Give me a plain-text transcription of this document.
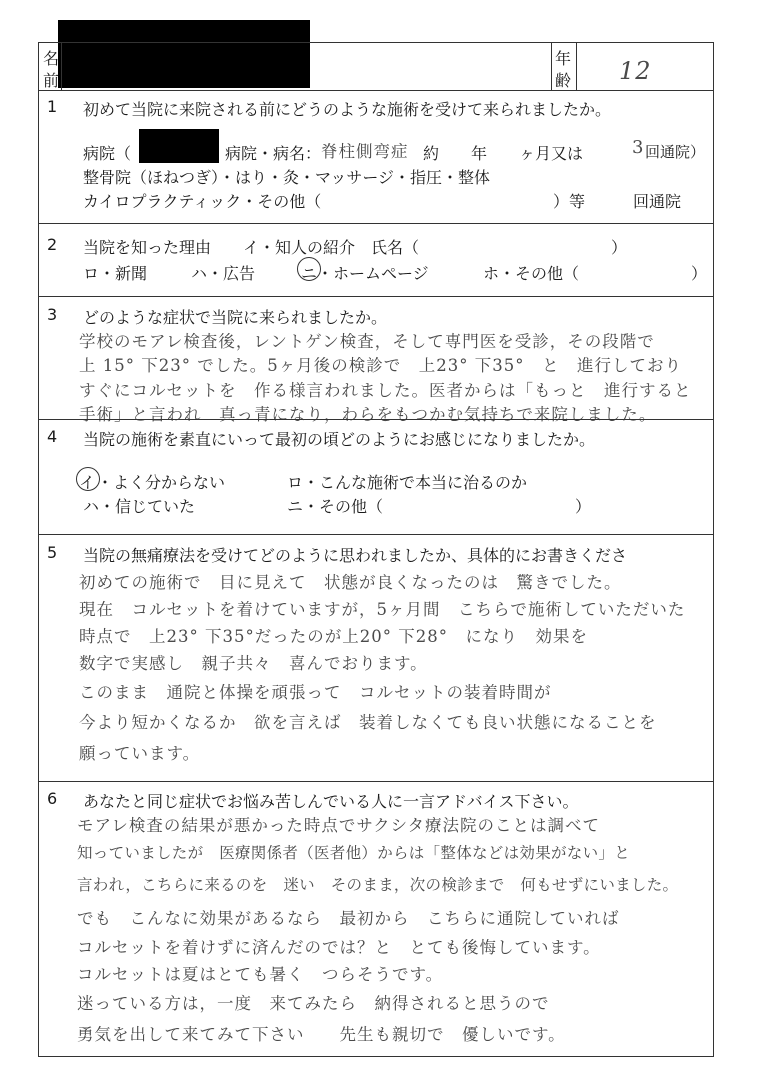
名
前
年
齢 12
1 初めて当院に来院される前にどうのような施術を受けて来られましたか。
病院（	病院・病名： 脊柱側弯症 約　　年　　ヶ月又は	3 回通院）
整骨院（ほねつぎ）・はり・灸・マッサージ・指圧・整体
カイロプラクティック・その他（	）等　　　回通院
2 当院を知った理由　　イ・知人の紹介　氏名（　　　　　　　　　　　　）
ロ・新聞	ハ・広告	ニ ・ホームページ	ホ・その他（　　　　　　　）
3 どのような症状で当院に来られましたか。
学校のモアレ検査後，レントゲン検査，そして専門医を受診，その段階で
上 15° 下23° でした。5ヶ月後の検診で　上23° 下35°　と　進行しており
すぐにコルセットを　作る様言われました。医者からは「もっと　進行すると
手術」と言われ　真っ青になり，わらをもつかむ気持ちで来院しました。
4 当院の施術を素直にいって最初の頃どのようにお感じになりましたか。
イ ・よく分からない	ロ・こんな施術で本当に治るのか
ハ・信じていた	ニ・その他（　　　　　　　　　　　　）
5 当院の無痛療法を受けてどのように思われましたか、具体的にお書きくださ
初めての施術で　目に見えて　状態が良くなったのは　驚きでした。
現在　コルセットを着けていますが，5ヶ月間　こちらで施術していただいた
時点で　上23° 下35°だったのが上20° 下28°　になり　効果を
数字で実感し　親子共々　喜んでおります。
このまま　通院と体操を頑張って　コルセットの装着時間が
今より短かくなるか　欲を言えば　装着しなくても良い状態になることを
願っています。
6 あなたと同じ症状でお悩み苦しんでいる人に一言アドバイス下さい。
モアレ検査の結果が悪かった時点でサクシタ療法院のことは調べて
知っていましたが　医療関係者（医者他）からは「整体などは効果がない」と
言われ，こちらに来るのを　迷い　そのまま，次の検診まで　何もせずにいました。
でも　こんなに効果があるなら　最初から　こちらに通院していれば
コルセットを着けずに済んだのでは？と　とても後悔しています。
コルセットは夏はとても暑く　つらそうです。
迷っている方は，一度　来てみたら　納得されると思うので
勇気を出して来てみて下さい　　先生も親切で　優しいです。
